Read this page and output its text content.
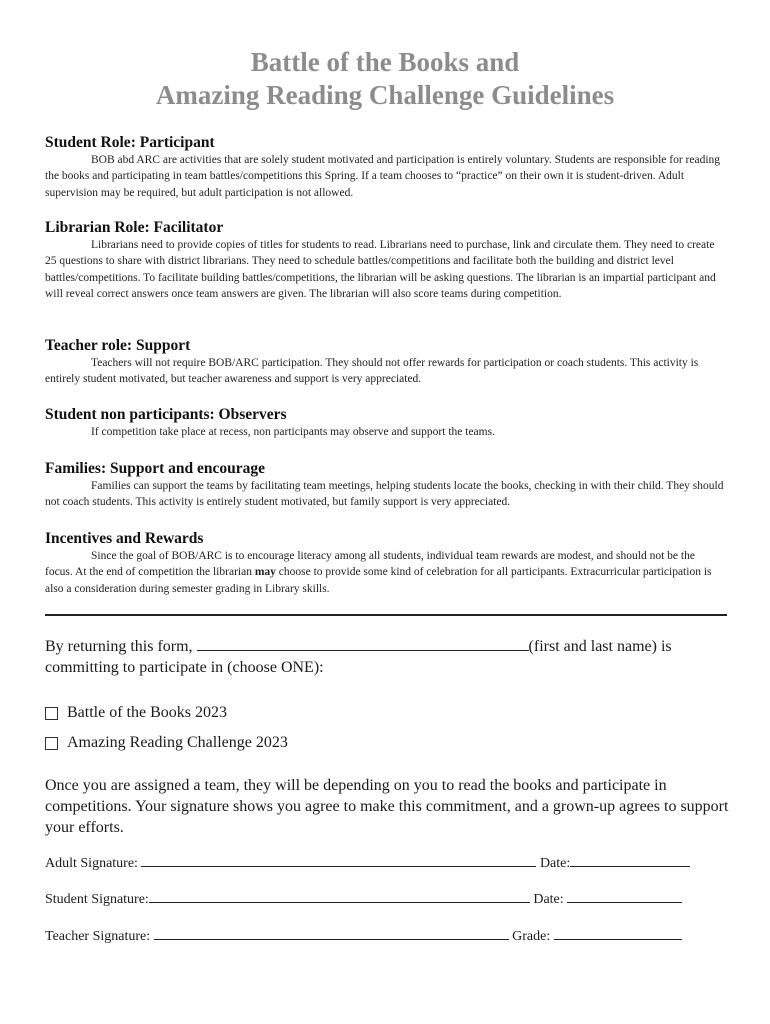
Battle of the Books and
Amazing Reading Challenge Guidelines
Student Role: Participant

BOB abd ARC are activities that are solely student motivated and participation is entirely voluntary. Students are responsible for reading the books and participating in team battles/competitions this Spring. If a team chooses to “practice” on their own it is student-driven. Adult supervision may be required, but adult participation is not allowed.

Librarian Role: Facilitator

Librarians need to provide copies of titles for students to read. Librarians need to purchase, link and circulate them. They need to create 25 questions to share with district librarians. They need to schedule battles/competitions and facilitate both the building and district level battles/competitions. To facilitate building battles/competitions, the librarian will be asking questions. The librarian is an impartial participant and will reveal correct answers once team answers are given. The librarian will also score teams during competition.

Teacher role: Support

Teachers will not require BOB/ARC participation. They should not offer rewards for participation or coach students. This activity is entirely student motivated, but teacher awareness and support is very appreciated.

Student non participants: Observers

If competition take place at recess, non participants may observe and support the teams.

Families: Support and encourage

Families can support the teams by facilitating team meetings, helping students locate the books, checking in with their child. They should not coach students. This activity is entirely student motivated, but family support is very appreciated.

Incentives and Rewards

Since the goal of BOB/ARC is to encourage literacy among all students, individual team rewards are modest, and should not be the focus. At the end of competition the librarian may choose to provide some kind of celebration for all participants. Extracurricular participation is also a consideration during semester grading in Library skills.

By returning this form,	(first and last name) is committing to participate in (choose ONE):
Battle of the Books 2023
Amazing Reading Challenge 2023
Once you are assigned a team, they will be depending on you to read the books and participate in competitions. Your signature shows you agree to make this commitment, and a grown-up agrees to support your efforts.
Adult Signature:	Date:
Student Signature:	Date:
Teacher Signature:	Grade:
